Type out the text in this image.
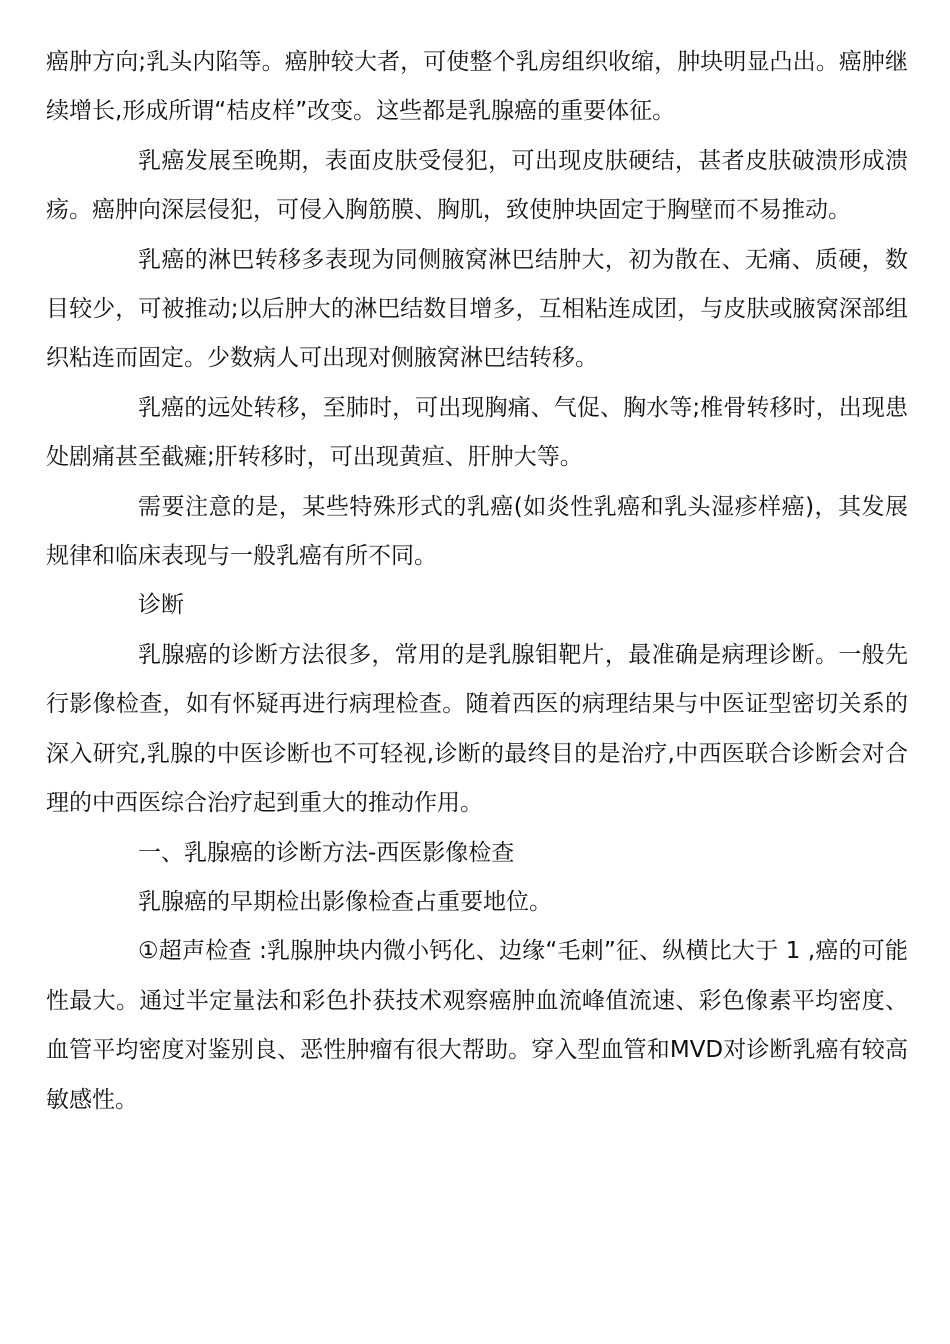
癌肿方向;乳头内陷等。癌肿较大者，可使整个乳房组织收缩，肿块明显凸出。癌肿继续增长,形成所谓“桔皮样”改变。这些都是乳腺癌的重要体征。

乳癌发展至晚期，表面皮肤受侵犯，可出现皮肤硬结，甚者皮肤破溃形成溃疡。癌肿向深层侵犯，可侵入胸筋膜、胸肌，致使肿块固定于胸壁而不易推动。

乳癌的淋巴转移多表现为同侧腋窝淋巴结肿大，初为散在、无痛、质硬，数目较少，可被推动;以后肿大的淋巴结数目增多，互相粘连成团，与皮肤或腋窝深部组织粘连而固定。少数病人可出现对侧腋窝淋巴结转移。

乳癌的远处转移，至肺时，可出现胸痛、气促、胸水等;椎骨转移时，出现患处剧痛甚至截瘫;肝转移时，可出现黄疸、肝肿大等。

需要注意的是，某些特殊形式的乳癌(如炎性乳癌和乳头湿疹样癌)，其发展规律和临床表现与一般乳癌有所不同。

诊断

乳腺癌的诊断方法很多，常用的是乳腺钼靶片，最准确是病理诊断。一般先行影像检查，如有怀疑再进行病理检查。随着西医的病理结果与中医证型密切关系的深入研究,乳腺的中医诊断也不可轻视,诊断的最终目的是治疗,中西医联合诊断会对合理的中西医综合治疗起到重大的推动作用。

一、乳腺癌的诊断方法-西医影像检查

乳腺癌的早期检出影像检查占重要地位。

①超声检查 :乳腺肿块内微小钙化、边缘“毛刺”征、纵横比大于 1 ,癌的可能性最大。通过半定量法和彩色扑获技术观察癌肿血流峰值流速、彩色像素平均密度、血管平均密度对鉴别良、恶性肿瘤有很大帮助。穿入型血管和MVD对诊断乳癌有较高敏感性。
